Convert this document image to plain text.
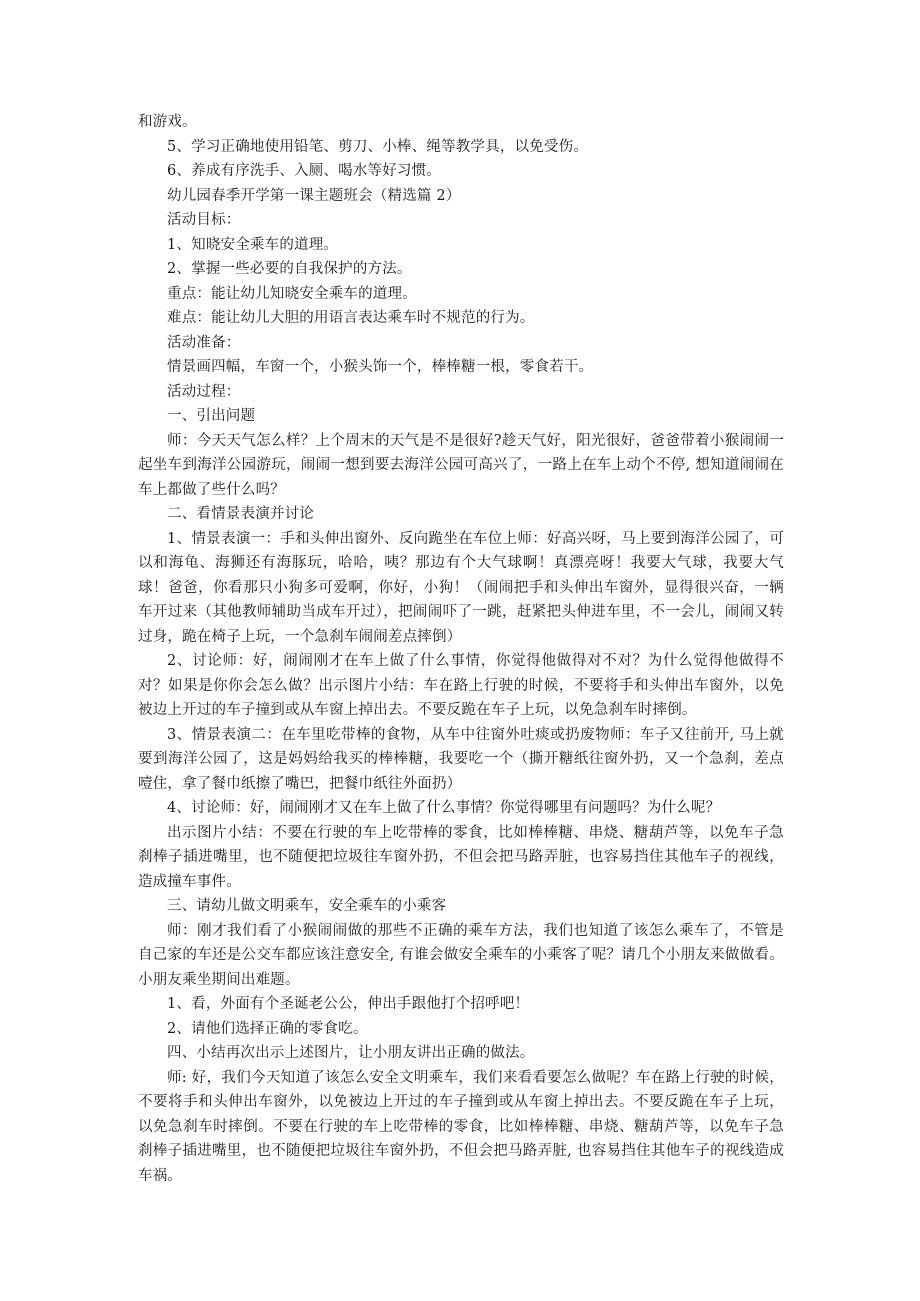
和游戏。

5、学习正确地使用铅笔、剪刀、小棒、绳等教学具，以免受伤。

6、养成有序洗手、入厕、喝水等好习惯。

幼儿园春季开学第一课主题班会（精选篇 2）

活动目标：

1、知晓安全乘车的道理。

2、掌握一些必要的自我保护的方法。

重点：能让幼儿知晓安全乘车的道理。

难点：能让幼儿大胆的用语言表达乘车时不规范的行为。

活动准备：

情景画四幅，车窗一个，小猴头饰一个，棒棒糖一根，零食若干。

活动过程：

一、引出问题

师：今天天气怎么样？上个周末的天气是不是很好?趁天气好，阳光很好，爸爸带着小猴闹闹一起坐车到海洋公园游玩，闹闹一想到要去海洋公园可高兴了，一路上在车上动个不停, 想知道闹闹在车上都做了些什么吗？

二、看情景表演并讨论

1、情景表演一：手和头伸出窗外、反向跪坐在车位上师：好高兴呀，马上要到海洋公园了，可以和海龟、海狮还有海豚玩，哈哈，咦？那边有个大气球啊！真漂亮呀！我要大气球，我要大气球！爸爸，你看那只小狗多可爱啊，你好，小狗！（闹闹把手和头伸出车窗外，显得很兴奋，一辆车开过来（其他教师辅助当成车开过），把闹闹吓了一跳，赶紧把头伸进车里，不一会儿，闹闹又转过身，跪在椅子上玩，一个急刹车闹闹差点摔倒）

2、讨论师：好，闹闹刚才在车上做了什么事情，你觉得他做得对不对？为什么觉得他做得不对？如果是你你会怎么做？出示图片小结：车在路上行驶的时候，不要将手和头伸出车窗外，以免被边上开过的车子撞到或从车窗上掉出去。不要反跪在车子上玩，以免急刹车时摔倒。

3、情景表演二：在车里吃带棒的食物，从车中往窗外吐痰或扔废物师：车子又往前开, 马上就要到海洋公园了，这是妈妈给我买的棒棒糖，我要吃一个（撕开糖纸往窗外扔，又一个急刹，差点噎住，拿了餐巾纸擦了嘴巴，把餐巾纸往外面扔）

4、讨论师：好，闹闹刚才又在车上做了什么事情？你觉得哪里有问题吗？为什么呢？

出示图片小结：不要在行驶的车上吃带棒的零食，比如棒棒糖、串烧、糖葫芦等，以免车子急刹棒子插进嘴里，也不随便把垃圾往车窗外扔，不但会把马路弄脏，也容易挡住其他车子的视线，造成撞车事件。

三、请幼儿做文明乘车，安全乘车的小乘客

师：刚才我们看了小猴闹闹做的那些不正确的乘车方法，我们也知道了该怎么乘车了，不管是自己家的车还是公交车都应该注意安全, 有谁会做安全乘车的小乘客了呢？请几个小朋友来做做看。小朋友乘坐期间出难题。

1、看，外面有个圣诞老公公，伸出手跟他打个招呼吧！

2、请他们选择正确的零食吃。

四、小结再次出示上述图片，让小朋友讲出正确的做法。

师: 好，我们今天知道了该怎么安全文明乘车，我们来看看要怎么做呢？车在路上行驶的时候，不要将手和头伸出车窗外，以免被边上开过的车子撞到或从车窗上掉出去。不要反跪在车子上玩，以免急刹车时摔倒。不要在行驶的车上吃带棒的零食，比如棒棒糖、串烧、糖葫芦等，以免车子急刹棒子插进嘴里，也不随便把垃圾往车窗外扔，不但会把马路弄脏, 也容易挡住其他车子的视线造成车祸。
